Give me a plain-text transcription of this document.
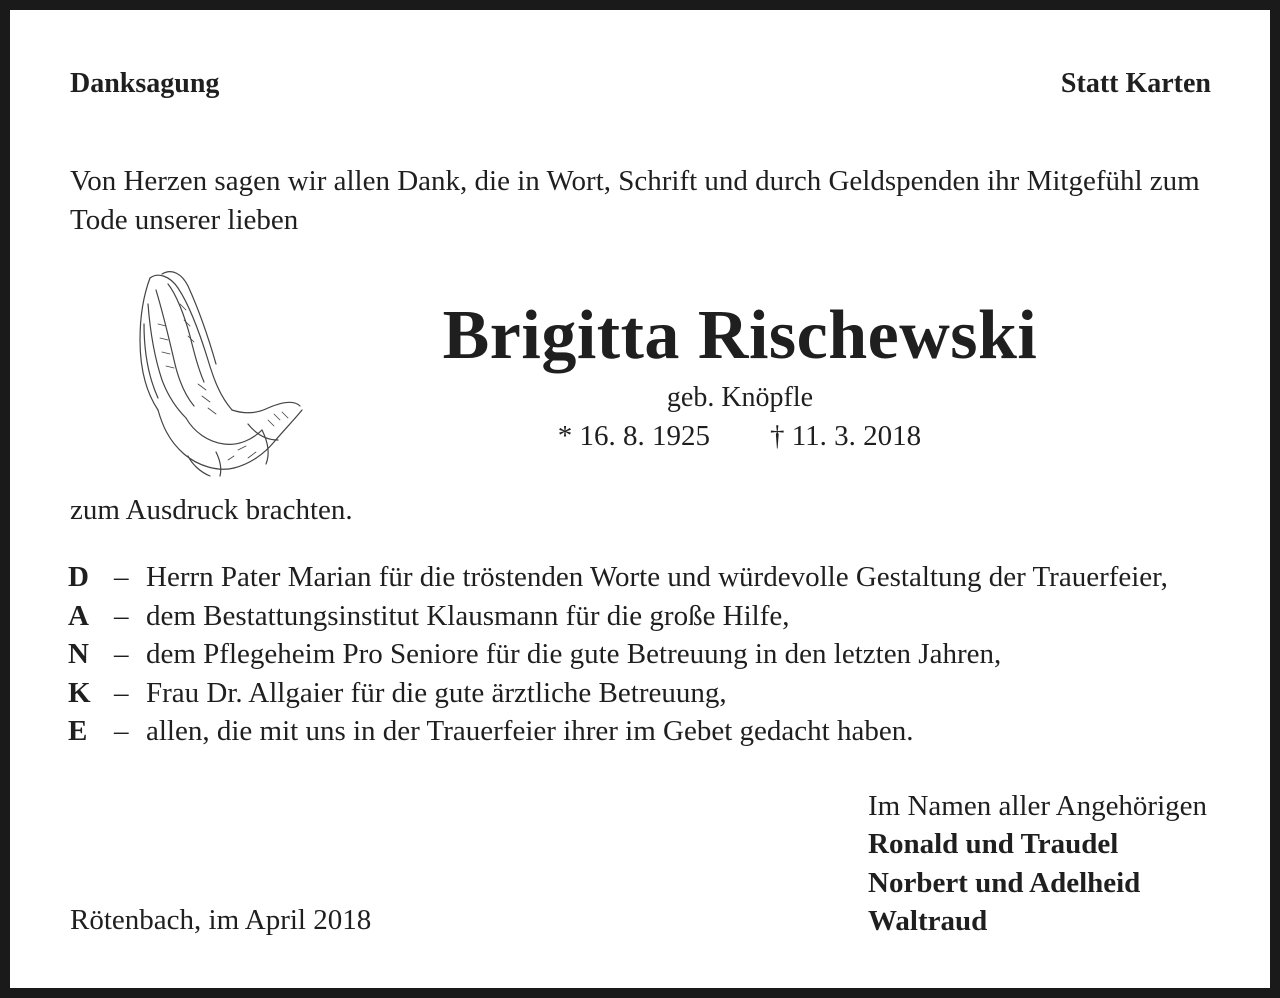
Danksagung	Statt Karten
Von Herzen sagen wir allen Dank, die in Wort, Schrift und durch Geldspenden ihr Mitgefühl zum Tode unserer lieben
Brigitta Rischewski
geb. Knöpfle
* 16. 8. 1925 † 11. 3. 2018
zum Ausdruck brachten.
D – Herrn Pater Marian für die tröstenden Worte und würdevolle Gestaltung der Trauerfeier,
A – dem Bestattungsinstitut Klausmann für die große Hilfe,
N – dem Pflegeheim Pro Seniore für die gute Betreuung in den letzten Jahren,
K – Frau Dr. Allgaier für die gute ärztliche Betreuung,
E – allen, die mit uns in der Trauerfeier ihrer im Gebet gedacht haben.
Im Namen aller Angehörigen
Ronald und Traudel
Norbert und Adelheid
Waltraud
Rötenbach, im April 2018
